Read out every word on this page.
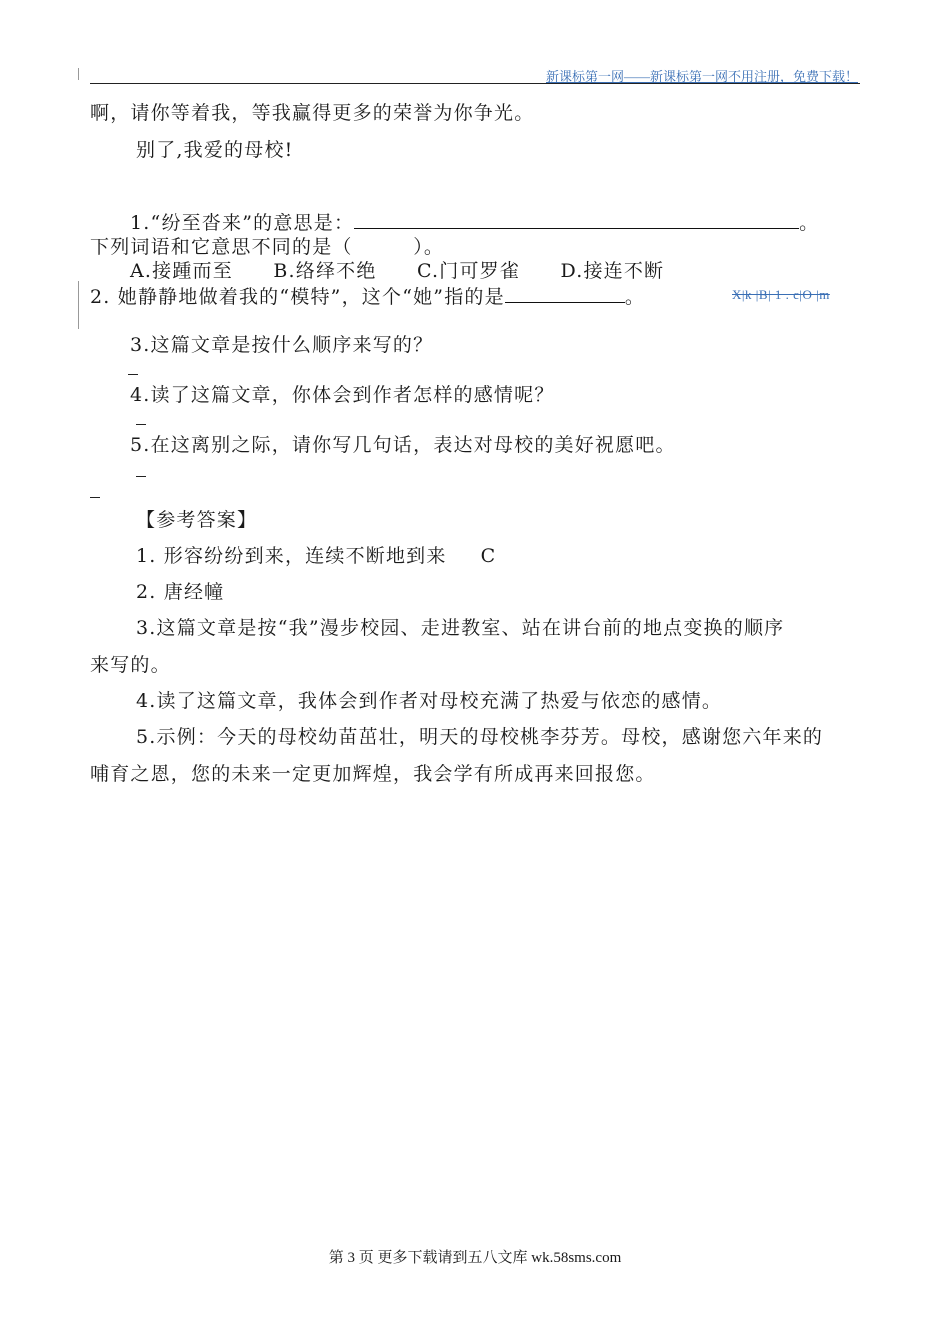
新课标第一网——新课标第一网不用注册，免费下载！
啊，请你等着我，等我赢得更多的荣誉为你争光。
别了,我爱的母校!
1.“纷至沓来”的意思是：	。
下列词语和它意思不同的是（　　　）。
A.接踵而至　　B.络绎不绝　　C.门可罗雀　　D.接连不断
2. 她静静地做着我的“模特”，这个“她”指的是	。	X|k |B| 1 . c|O |m
3.这篇文章是按什么顺序来写的？
4.读了这篇文章，你体会到作者怎样的感情呢？
5.在这离别之际，请你写几句话，表达对母校的美好祝愿吧。
【参考答案】
1. 形容纷纷到来，连续不断地到来 C
2. 唐经幢
3.这篇文章是按“我”漫步校园、走进教室、站在讲台前的地点变换的顺序
来写的。
4.读了这篇文章，我体会到作者对母校充满了热爱与依恋的感情。
5.示例：今天的母校幼苗茁壮，明天的母校桃李芬芳。母校，感谢您六年来的
哺育之恩，您的未来一定更加辉煌，我会学有所成再来回报您。
第 3 页 更多下载请到五八文库 wk.58sms.com
